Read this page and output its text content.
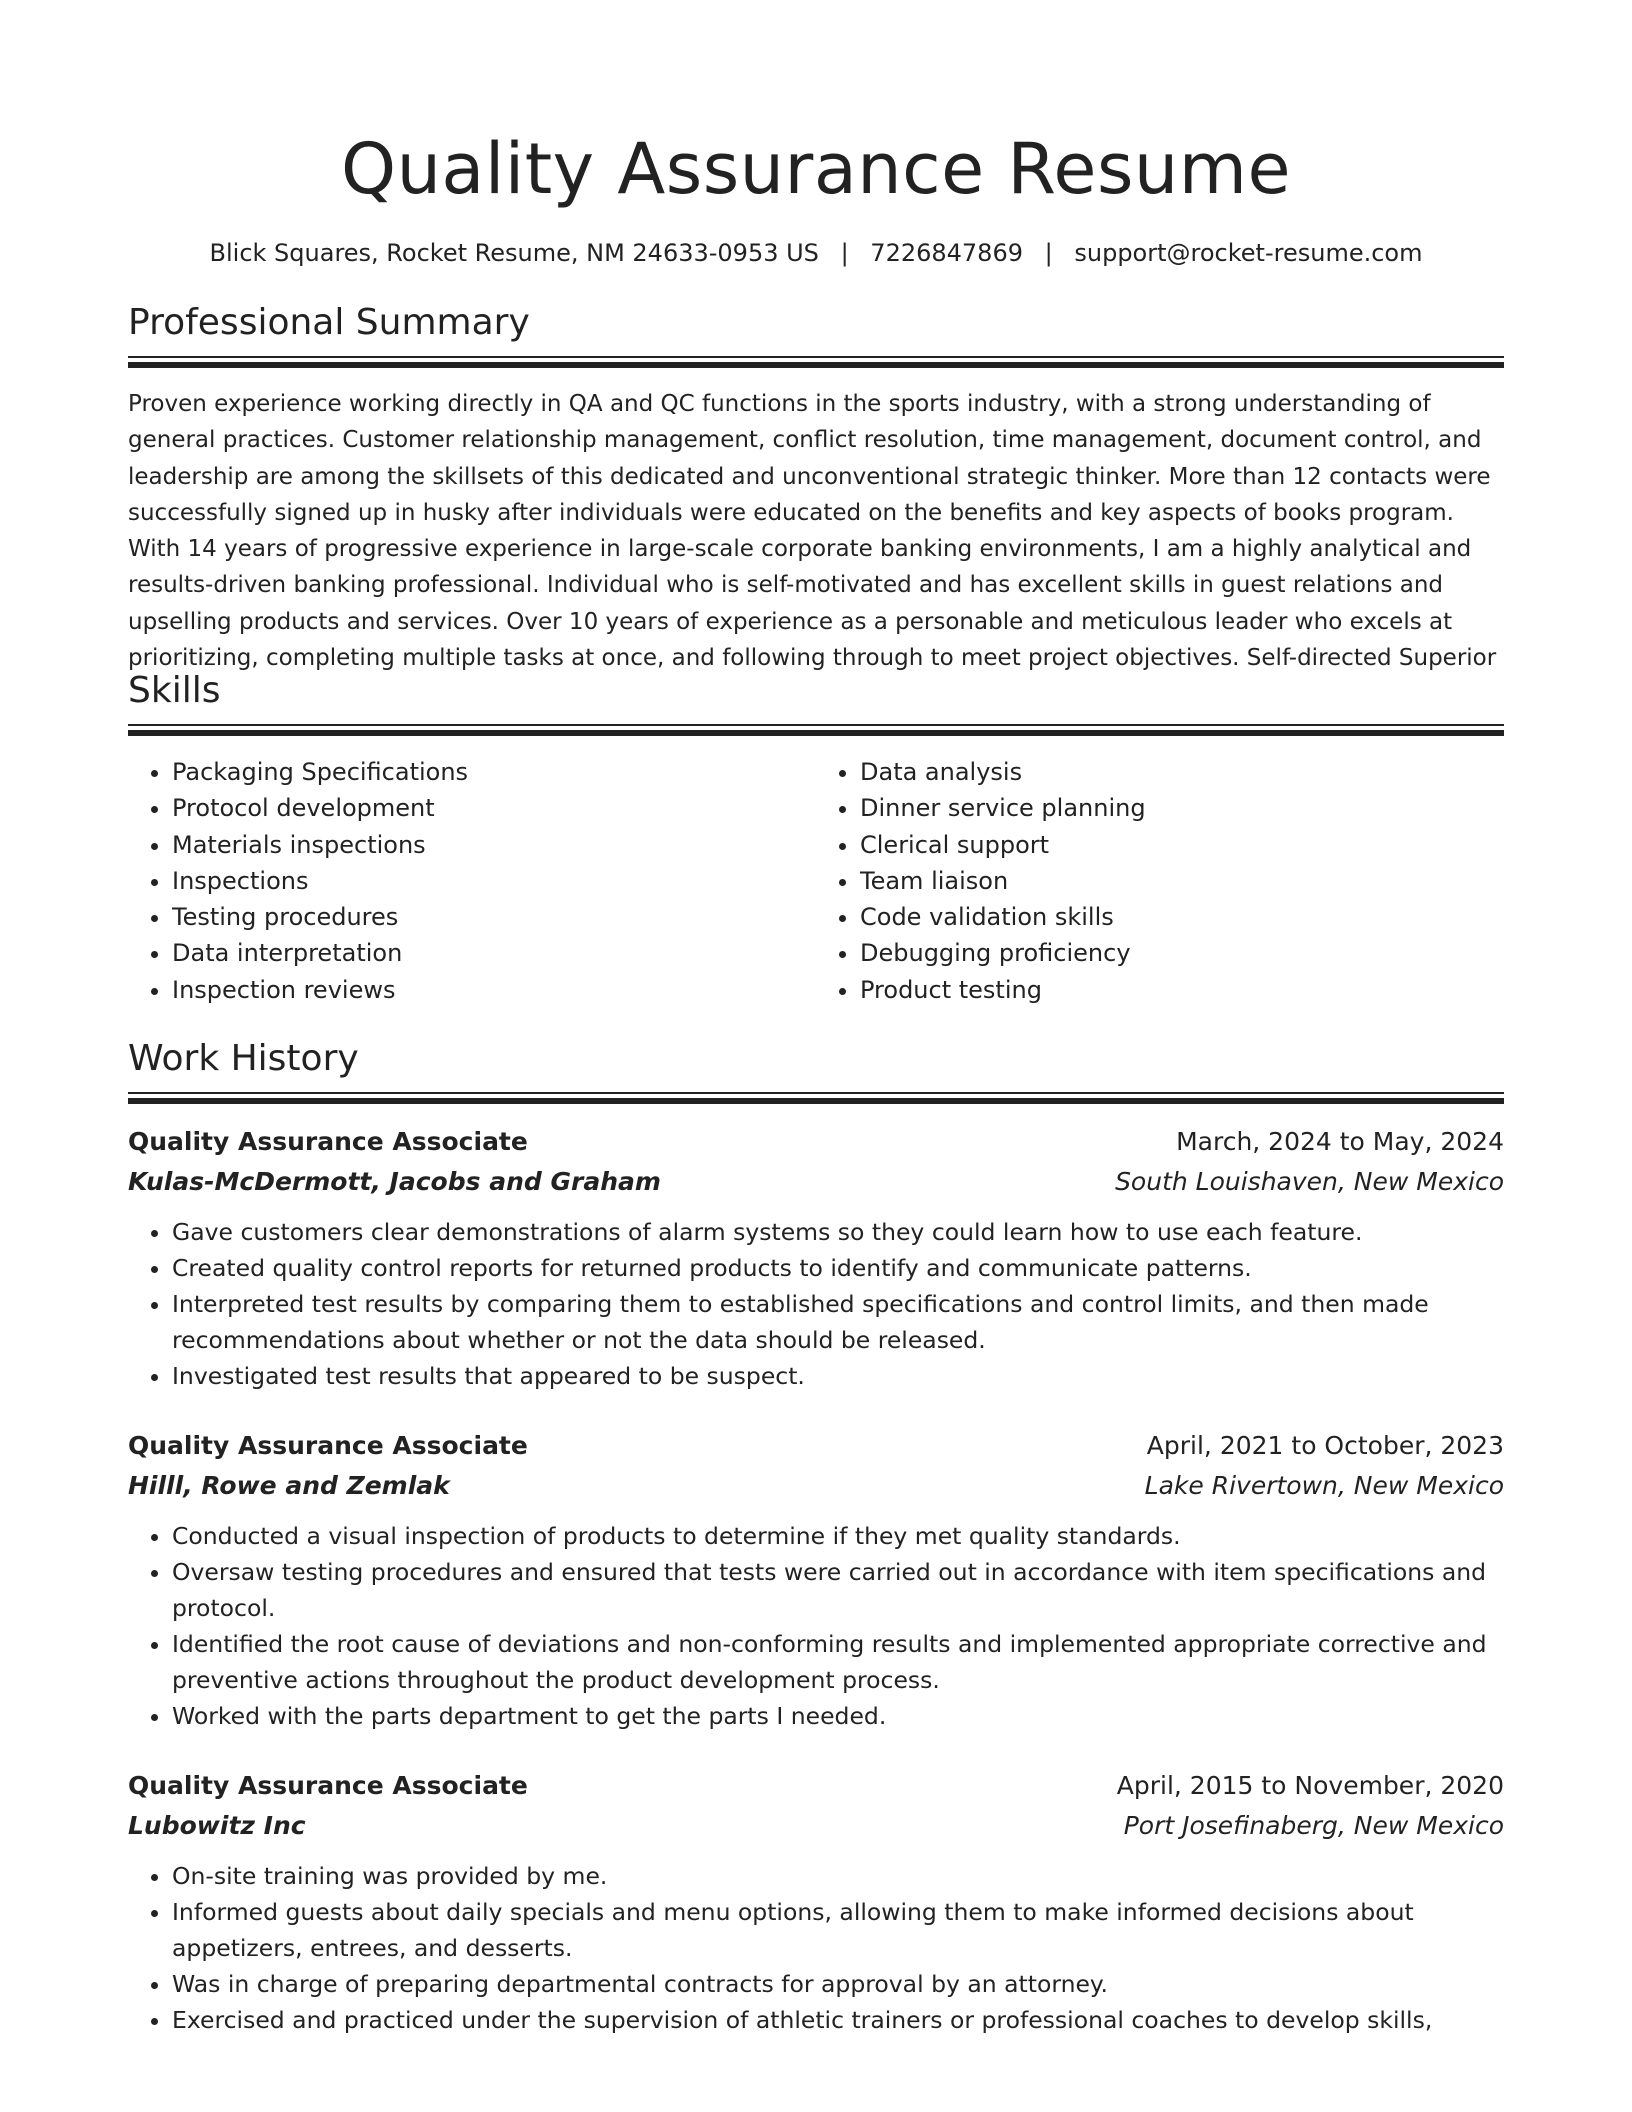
Quality Assurance Resume
Blick Squares, Rocket Resume, NM 24633-0953 US | 7226847869 | support@rocket-resume.com
Professional Summary

Proven experience working directly in QA and QC functions in the sports industry, with a strong understanding of general practices. Customer relationship management, conflict resolution, time management, document control, and leadership are among the skillsets of this dedicated and unconventional strategic thinker. More than 12 contacts were successfully signed up in husky after individuals were educated on the benefits and key aspects of books program. With 14 years of progressive experience in large-scale corporate banking environments, I am a highly analytical and results-driven banking professional. Individual who is self-motivated and has excellent skills in guest relations and upselling products and services. Over 10 years of experience as a personable and meticulous leader who excels at prioritizing, completing multiple tasks at once, and following through to meet project objectives. Self-directed Superior

Skills
• Packaging Specifications
• Protocol development
• Materials inspections
• Inspections
• Testing procedures
• Data interpretation
• Inspection reviews
• Data analysis
• Dinner service planning
• Clerical support
• Team liaison
• Code validation skills
• Debugging proficiency
• Product testing
Work History
Quality Assurance Associate	March, 2024 to May, 2024
Kulas-McDermott, Jacobs and Graham	South Louishaven, New Mexico
• Gave customers clear demonstrations of alarm systems so they could learn how to use each feature.
• Created quality control reports for returned products to identify and communicate patterns.
• Interpreted test results by comparing them to established specifications and control limits, and then made recommendations about whether or not the data should be released.
• Investigated test results that appeared to be suspect.
Quality Assurance Associate	April, 2021 to October, 2023
Hilll, Rowe and Zemlak	Lake Rivertown, New Mexico
• Conducted a visual inspection of products to determine if they met quality standards.
• Oversaw testing procedures and ensured that tests were carried out in accordance with item specifications and protocol.
• Identified the root cause of deviations and non-conforming results and implemented appropriate corrective and preventive actions throughout the product development process.
• Worked with the parts department to get the parts I needed.
Quality Assurance Associate	April, 2015 to November, 2020
Lubowitz Inc	Port Josefinaberg, New Mexico
• On-site training was provided by me.
• Informed guests about daily specials and menu options, allowing them to make informed decisions about appetizers, entrees, and desserts.
• Was in charge of preparing departmental contracts for approval by an attorney.
• Exercised and practiced under the supervision of athletic trainers or professional coaches to develop skills,
